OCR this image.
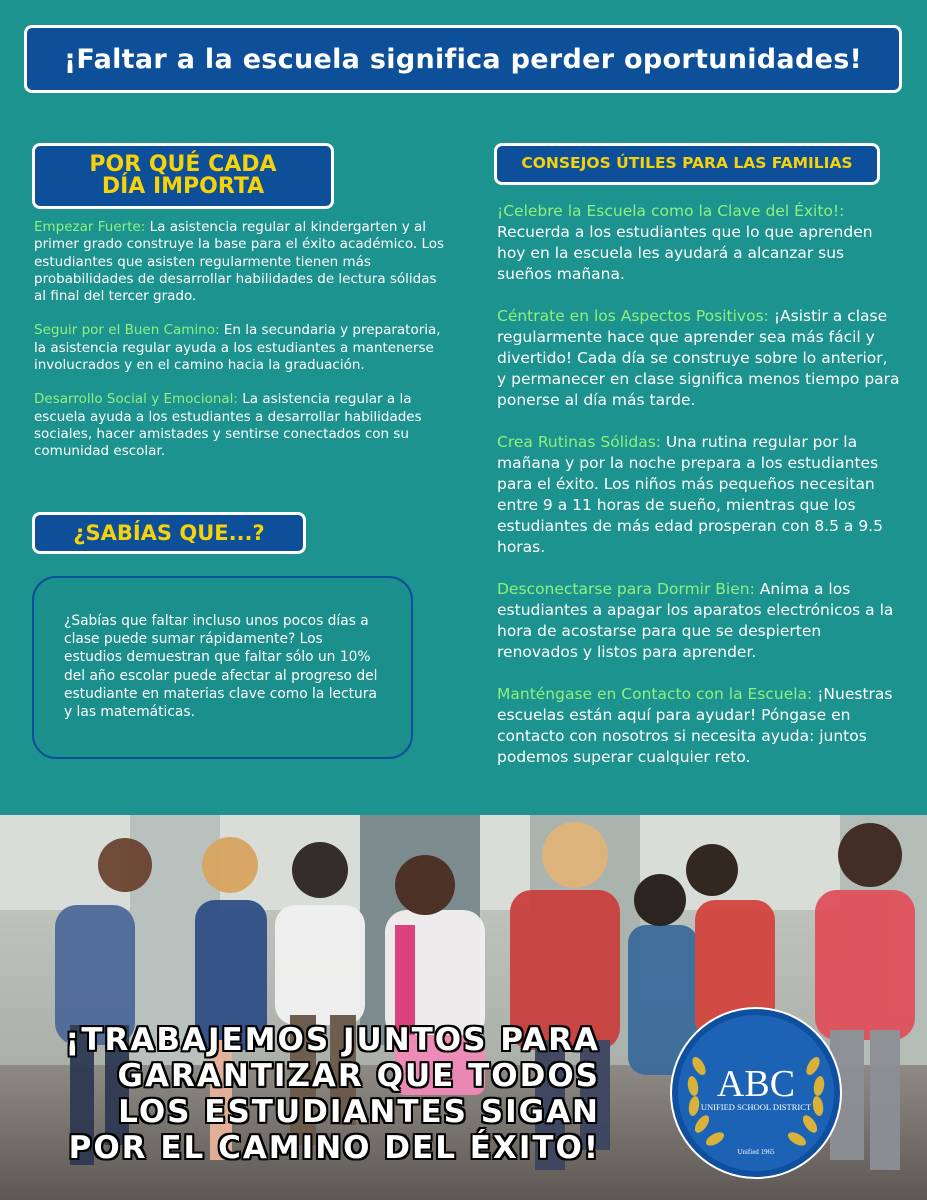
¡Faltar a la escuela significa perder oportunidades!
POR QUÉ CADA DÍA IMPORTA

Empezar Fuerte: La asistencia regular al kindergarten y al primer grado construye la base para el éxito académico. Los estudiantes que asisten regularmente tienen más probabilidades de desarrollar habilidades de lectura sólidas al final del tercer grado.

Seguir por el Buen Camino: En la secundaria y preparatoria, la asistencia regular ayuda a los estudiantes a mantenerse involucrados y en el camino hacia la graduación.

Desarrollo Social y Emocional: La asistencia regular a la escuela ayuda a los estudiantes a desarrollar habilidades sociales, hacer amistades y sentirse conectados con su comunidad escolar.

¿SABÍAS QUE...?
¿Sabías que faltar incluso unos pocos días a clase puede sumar rápidamente? Los estudios demuestran que faltar sólo un 10% del año escolar puede afectar al progreso del estudiante en materias clave como la lectura y las matemáticas.
CONSEJOS ÚTILES PARA LAS FAMILIAS

¡Celebre la Escuela como la Clave del Éxito!: Recuerda a los estudiantes que lo que aprenden hoy en la escuela les ayudará a alcanzar sus sueños mañana.

Céntrate en los Aspectos Positivos: ¡Asistir a clase regularmente hace que aprender sea más fácil y divertido! Cada día se construye sobre lo anterior, y permanecer en clase significa menos tiempo para ponerse al día más tarde.

Crea Rutinas Sólidas: Una rutina regular por la mañana y por la noche prepara a los estudiantes para el éxito. Los niños más pequeños necesitan entre 9 a 11 horas de sueño, mientras que los estudiantes de más edad prosperan con 8.5 a 9.5 horas.

Desconectarse para Dormir Bien: Anima a los estudiantes a apagar los aparatos electrónicos a la hora de acostarse para que se despierten renovados y listos para aprender.

Manténgase en Contacto con la Escuela: ¡Nuestras escuelas están aquí para ayudar! Póngase en contacto con nosotros si necesita ayuda: juntos podemos superar cualquier reto.

¡TRABAJEMOS JUNTOS PARA
GARANTIZAR QUE TODOS
LOS ESTUDIANTES SIGAN
POR EL CAMINO DEL ÉXITO!
ABC
UNIFIED SCHOOL DISTRICT
Unified 1965
